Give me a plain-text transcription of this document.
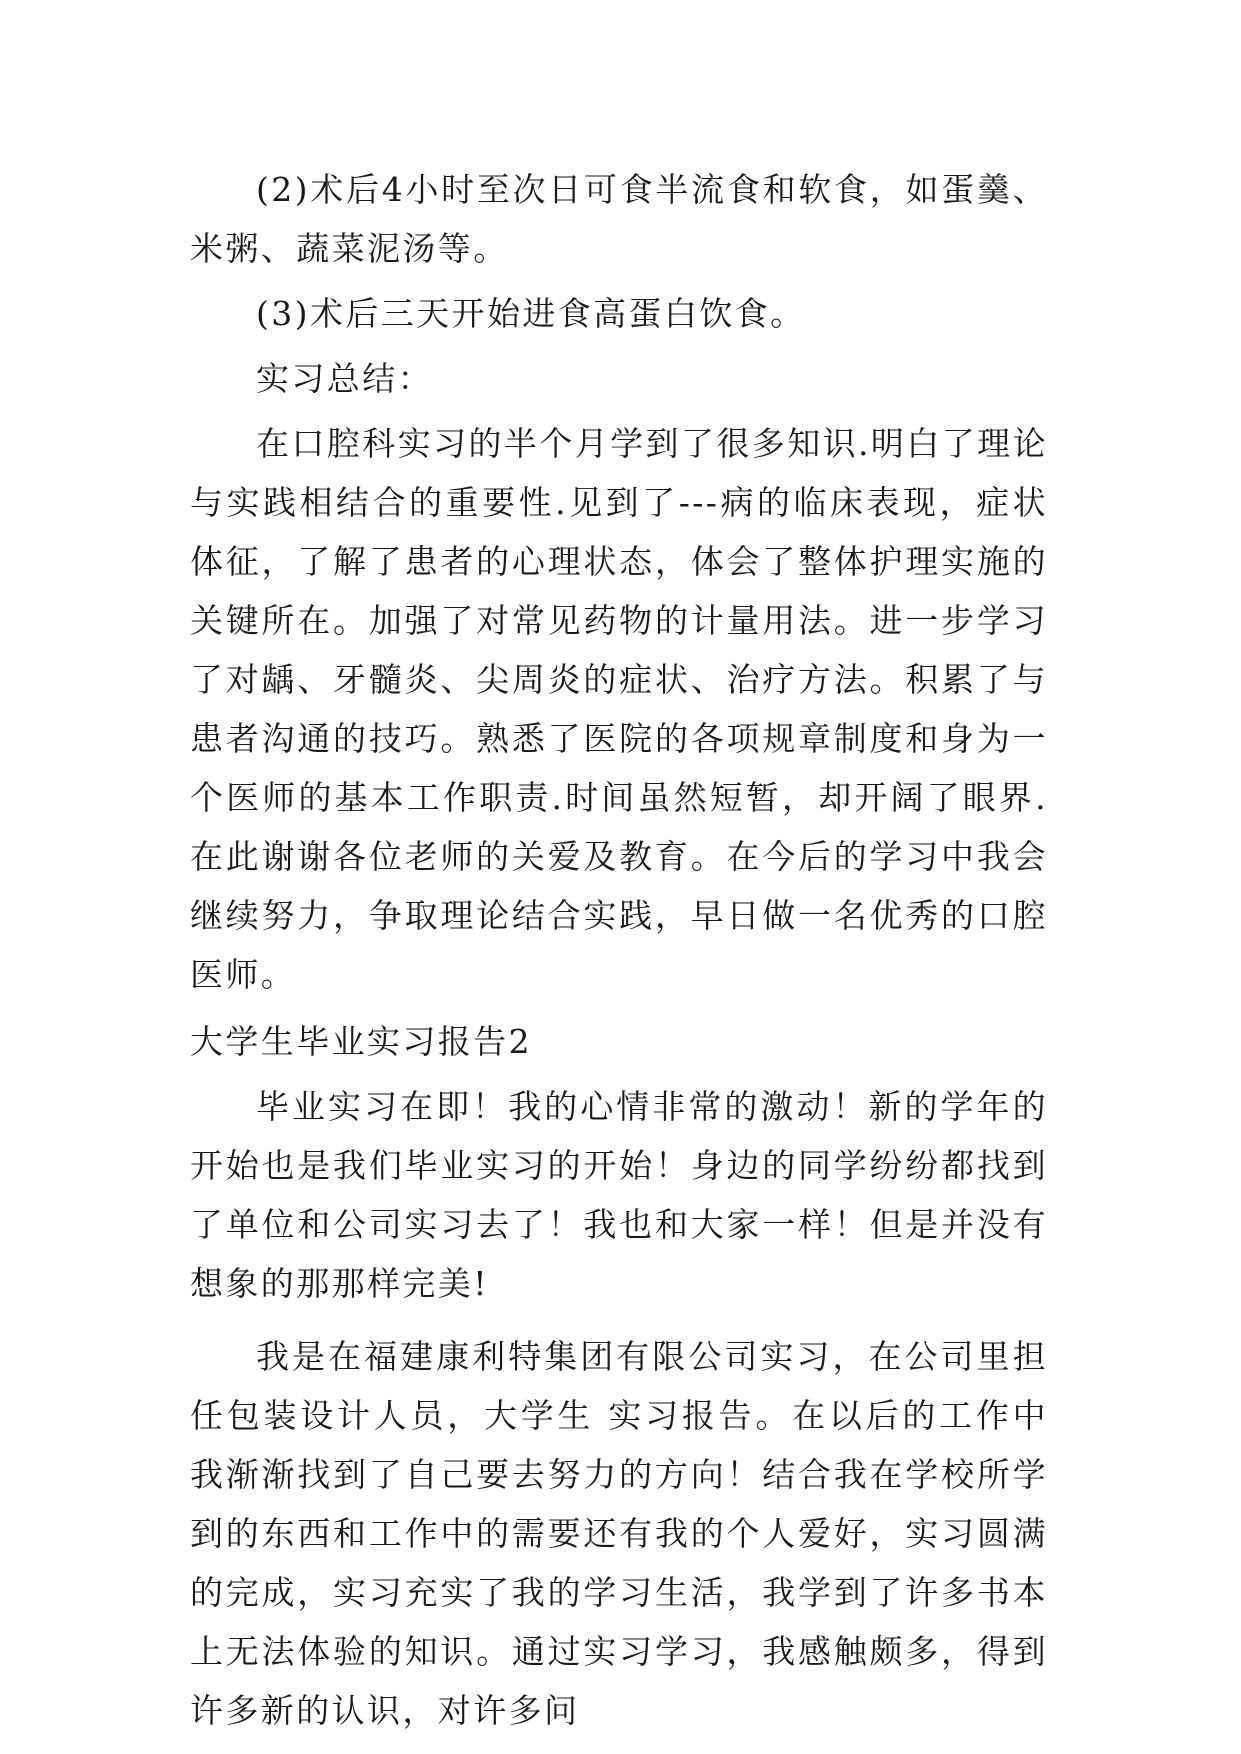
(2)术后4小时至次日可食半流食和软食，如蛋羹、米粥、蔬菜泥汤等。

(3)术后三天开始进食高蛋白饮食。

实习总结：

在口腔科实习的半个月学到了很多知识.明白了理论与实践相结合的重要性.见到了---病的临床表现，症状体征，了解了患者的心理状态，体会了整体护理实施的关键所在。加强了对常见药物的计量用法。进一步学习了对龋、牙髓炎、尖周炎的症状、治疗方法。积累了与患者沟通的技巧。熟悉了医院的各项规章制度和身为一个医师的基本工作职责.时间虽然短暂，却开阔了眼界.在此谢谢各位老师的关爱及教育。在今后的学习中我会继续努力，争取理论结合实践，早日做一名优秀的口腔医师。

大学生毕业实习报告2

毕业实习在即！我的心情非常的激动！新的学年的开始也是我们毕业实习的开始！身边的同学纷纷都找到了单位和公司实习去了！我也和大家一样！但是并没有想象的那那样完美!

我是在福建康利特集团有限公司实习，在公司里担任包装设计人员，大学生 实习报告。在以后的工作中我渐渐找到了自己要去努力的方向！结合我在学校所学到的东西和工作中的需要还有我的个人爱好，实习圆满的完成，实习充实了我的学习生活，我学到了许多书本上无法体验的知识。通过实习学习，我感触颇多，得到许多新的认识，对许多问
